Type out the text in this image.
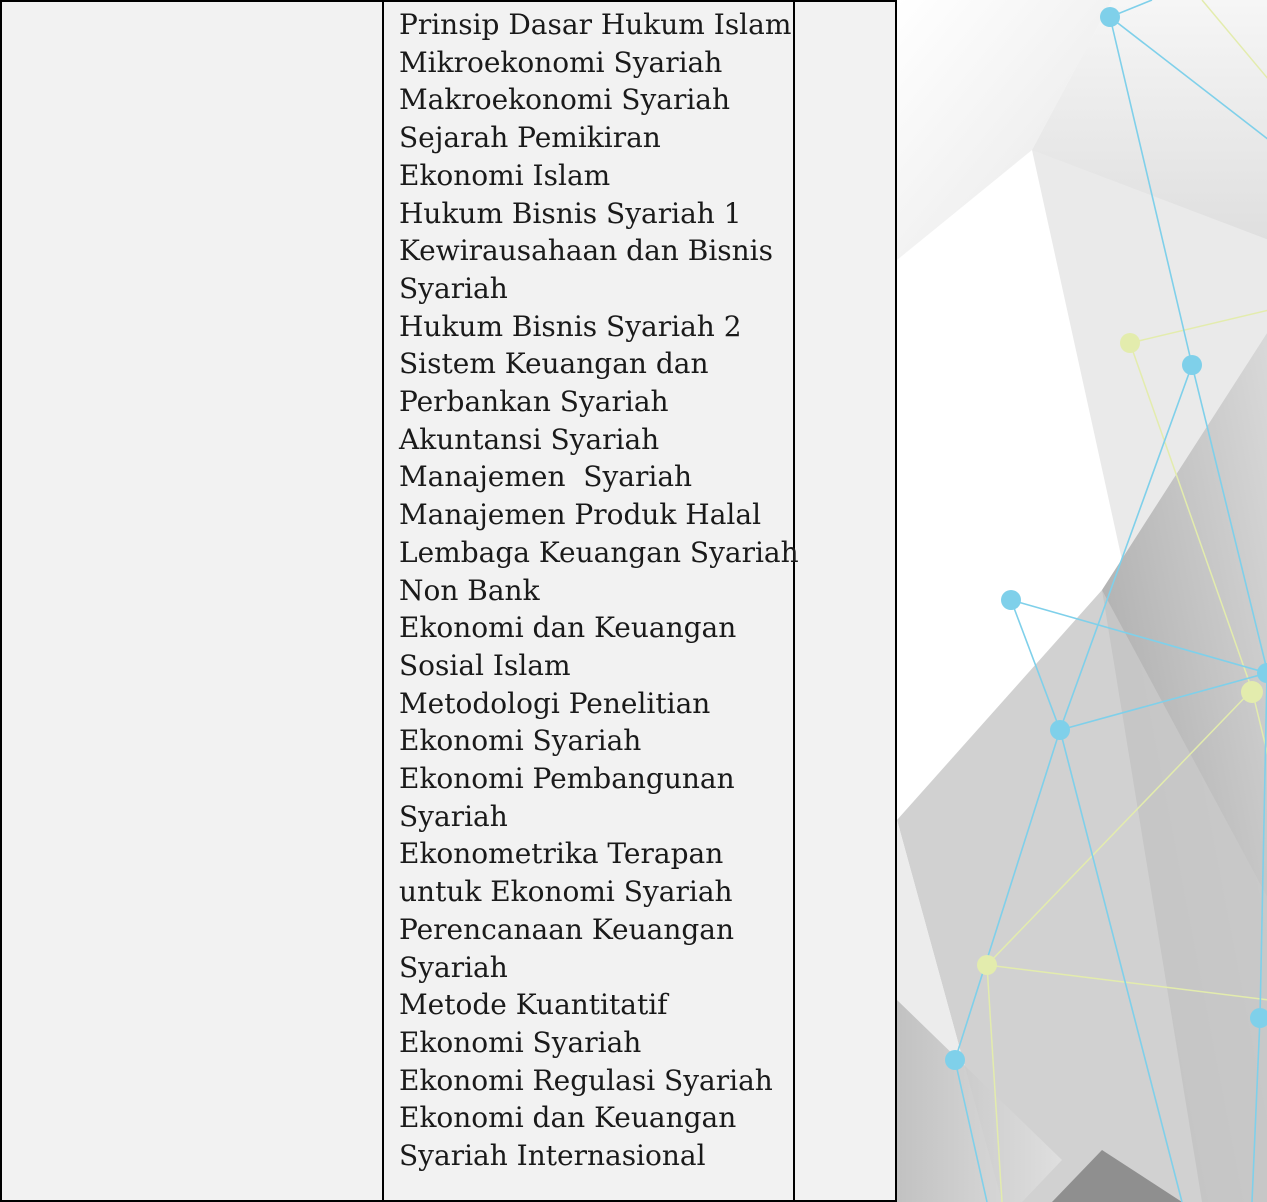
Prinsip Dasar Hukum Islam
Mikroekonomi Syariah
Makroekonomi Syariah
Sejarah Pemikiran
Ekonomi Islam
Hukum Bisnis Syariah 1
Kewirausahaan dan Bisnis
Syariah
Hukum Bisnis Syariah 2
Sistem Keuangan dan
Perbankan Syariah
Akuntansi Syariah
Manajemen  Syariah
Manajemen Produk Halal
Lembaga Keuangan Syariah
Non Bank
Ekonomi dan Keuangan
Sosial Islam
Metodologi Penelitian
Ekonomi Syariah
Ekonomi Pembangunan
Syariah
Ekonometrika Terapan
untuk Ekonomi Syariah
Perencanaan Keuangan
Syariah
Metode Kuantitatif
Ekonomi Syariah
Ekonomi Regulasi Syariah
Ekonomi dan Keuangan
Syariah Internasional
